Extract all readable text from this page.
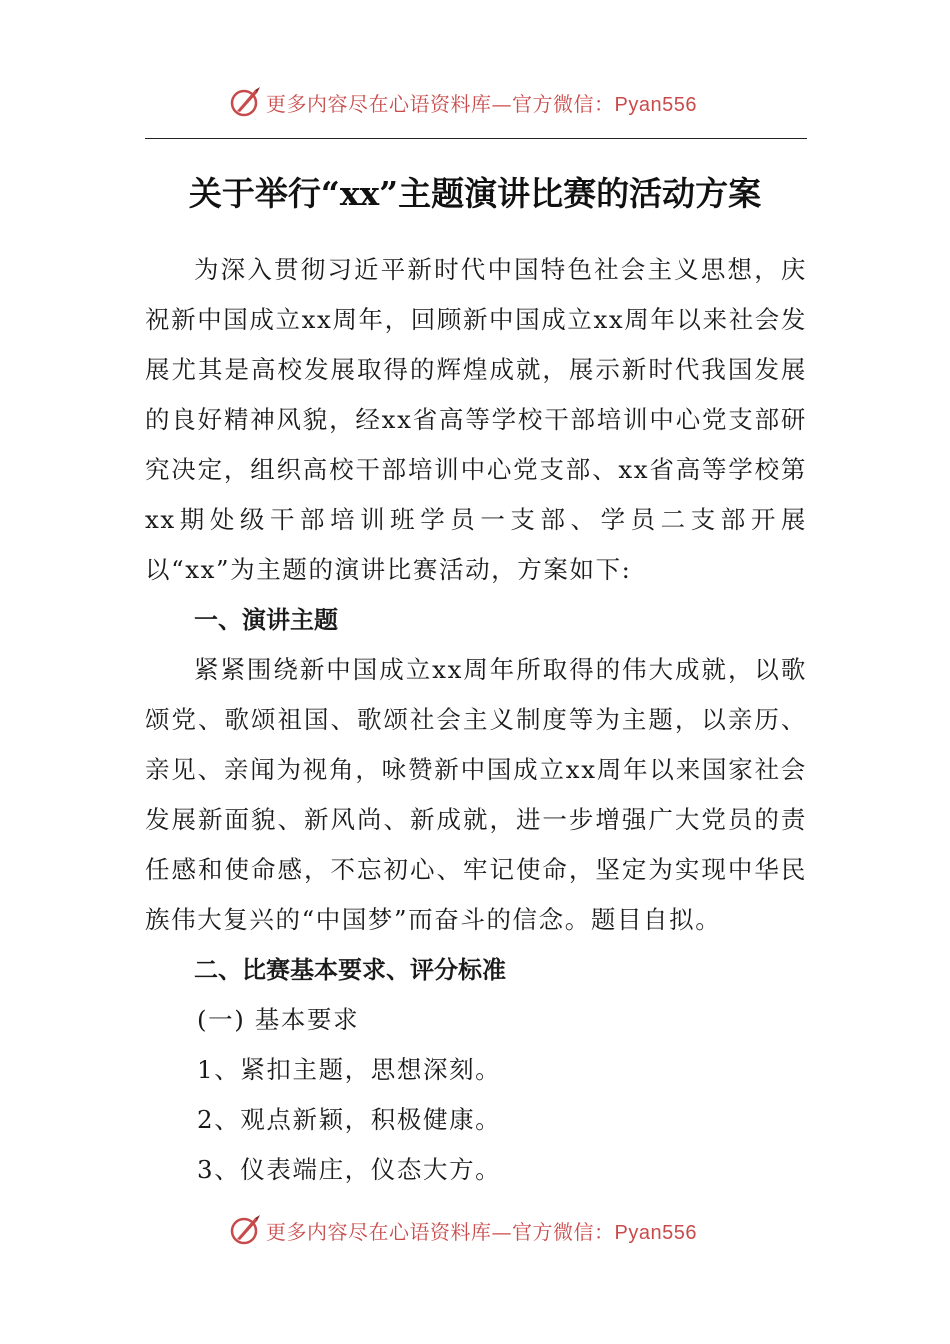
更多内容尽在心语资料库—官方微信：Pyan556
关于举行“xx”主题演讲比赛的活动方案

为深入贯彻习近平新时代中国特色社会主义思想，庆祝新中国成立xx周年，回顾新中国成立xx周年以来社会发展尤其是高校发展取得的辉煌成就，展示新时代我国发展的良好精神风貌，经xx省高等学校干部培训中心党支部研究决定，组织高校干部培训中心党支部、xx省高等学校第xx期处级干部培训班学员一支部、学员二支部开展以“xx”为主题的演讲比赛活动，方案如下:

一、演讲主题

紧紧围绕新中国成立xx周年所取得的伟大成就，以歌颂党、歌颂祖国、歌颂社会主义制度等为主题，以亲历、亲见、亲闻为视角，咏赞新中国成立xx周年以来国家社会发展新面貌、新风尚、新成就，进一步增强广大党员的责任感和使命感，不忘初心、牢记使命，坚定为实现中华民族伟大复兴的“中国梦”而奋斗的信念。题目自拟。

二、比赛基本要求、评分标准

(一) 基本要求

1、紧扣主题，思想深刻。

2、观点新颖，积极健康。

3、仪表端庄，仪态大方。

更多内容尽在心语资料库—官方微信：Pyan556
